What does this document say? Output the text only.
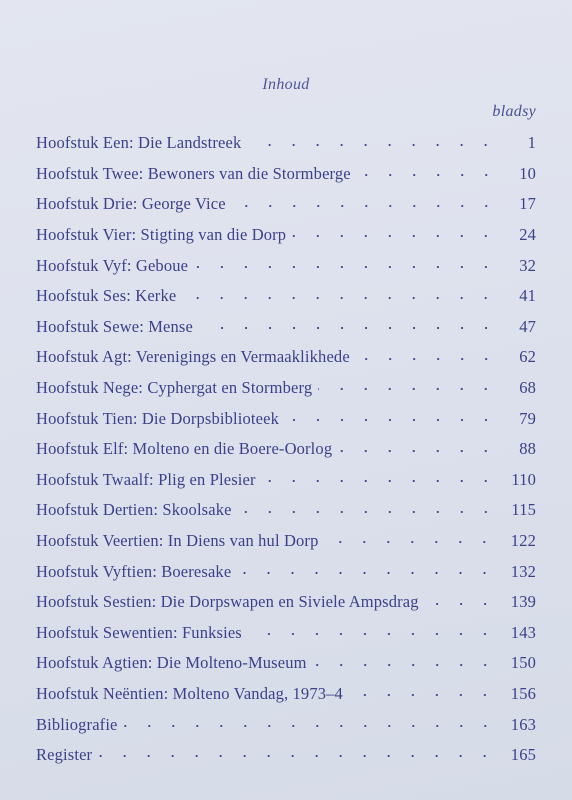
Inhoud
bladsy
Hoofstuk Een: Die Landstreek	1
Hoofstuk Twee: Bewoners van die Stormberge	10
Hoofstuk Drie: George Vice	17
Hoofstuk Vier: Stigting van die Dorp	24
Hoofstuk Vyf: Geboue	32
Hoofstuk Ses: Kerke	41
Hoofstuk Sewe: Mense	47
Hoofstuk Agt: Verenigings en Vermaaklikhede	62
Hoofstuk Nege: Cyphergat en Stormberg	68
Hoofstuk Tien: Die Dorpsbiblioteek	79
Hoofstuk Elf: Molteno en die Boere-Oorlog	88
Hoofstuk Twaalf: Plig en Plesier	110
Hoofstuk Dertien: Skoolsake	115
Hoofstuk Veertien: In Diens van hul Dorp	122
Hoofstuk Vyftien: Boeresake	132
Hoofstuk Sestien: Die Dorpswapen en Siviele Ampsdrag	139
Hoofstuk Sewentien: Funksies	143
Hoofstuk Agtien: Die Molteno-Museum	150
Hoofstuk Neëntien: Molteno Vandag, 1973–4	156
Bibliografie	163
Register	165
